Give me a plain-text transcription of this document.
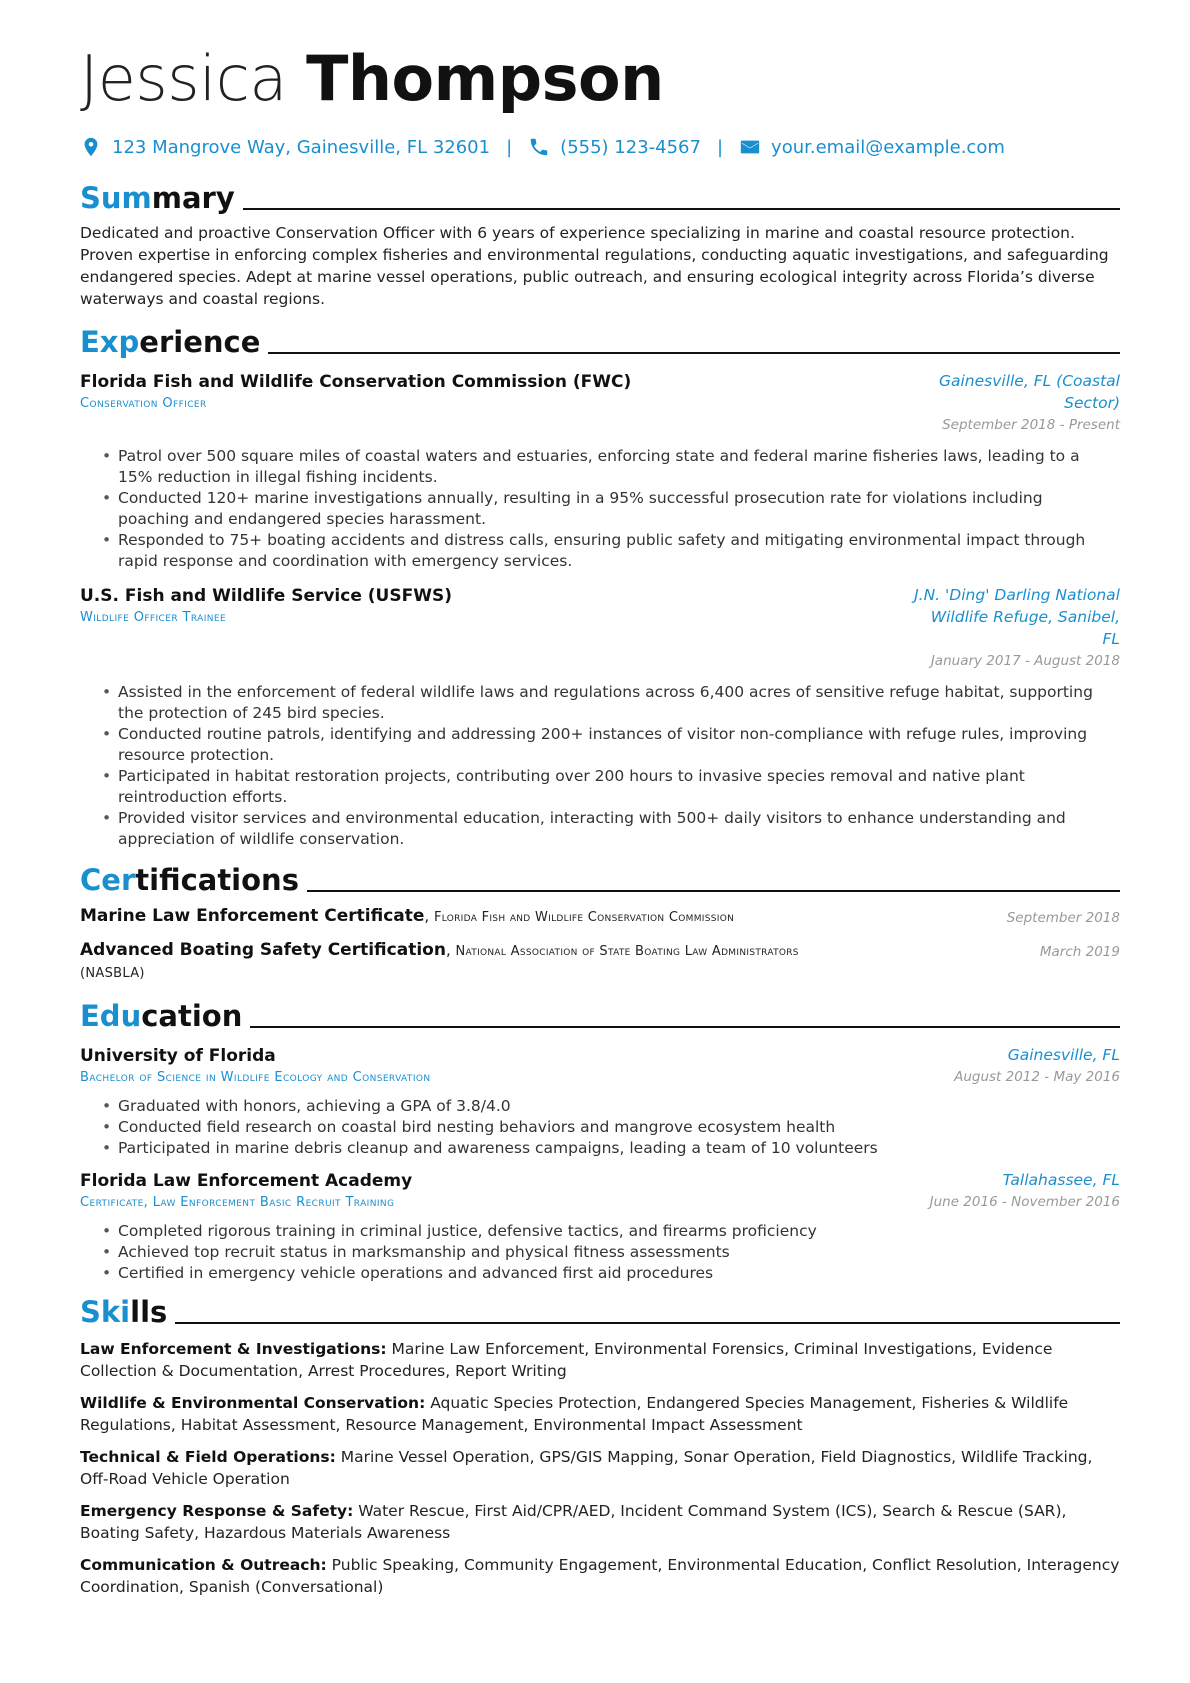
Jessica Thompson
123 Mangrove Way, Gainesville, FL 32601 |	(555) 123-4567 |	your.email@example.com
Summary
Dedicated and proactive Conservation Officer with 6 years of experience specializing in marine and coastal resource protection. Proven expertise in enforcing complex fisheries and environmental regulations, conducting aquatic investigations, and safeguarding endangered species. Adept at marine vessel operations, public outreach, and ensuring ecological integrity across Florida’s diverse waterways and coastal regions.
Experience
Florida Fish and Wildlife Conservation Commission (FWC)
Conservation Officer
Gainesville, FL (Coastal Sector)
September 2018 - Present
• Patrol over 500 square miles of coastal waters and estuaries, enforcing state and federal marine fisheries laws, leading to a 15% reduction in illegal fishing incidents.
• Conducted 120+ marine investigations annually, resulting in a 95% successful prosecution rate for violations including poaching and endangered species harassment.
• Responded to 75+ boating accidents and distress calls, ensuring public safety and mitigating environmental impact through rapid response and coordination with emergency services.
U.S. Fish and Wildlife Service (USFWS)
Wildlife Officer Trainee
J.N. 'Ding' Darling National Wildlife Refuge, Sanibel, FL
January 2017 - August 2018
• Assisted in the enforcement of federal wildlife laws and regulations across 6,400 acres of sensitive refuge habitat, supporting the protection of 245 bird species.
• Conducted routine patrols, identifying and addressing 200+ instances of visitor non-compliance with refuge rules, improving resource protection.
• Participated in habitat restoration projects, contributing over 200 hours to invasive species removal and native plant reintroduction efforts.
• Provided visitor services and environmental education, interacting with 500+ daily visitors to enhance understanding and appreciation of wildlife conservation.
Certifications
Marine Law Enforcement Certificate, Florida Fish and Wildlife Conservation Commission	September 2018
Advanced Boating Safety Certification, National Association of State Boating Law Administrators (NASBLA)
March 2019
Education
University of Florida
Bachelor of Science in Wildlife Ecology and Conservation
Gainesville, FL
August 2012 - May 2016
• Graduated with honors, achieving a GPA of 3.8/4.0
• Conducted field research on coastal bird nesting behaviors and mangrove ecosystem health
• Participated in marine debris cleanup and awareness campaigns, leading a team of 10 volunteers
Florida Law Enforcement Academy
Certificate, Law Enforcement Basic Recruit Training
Tallahassee, FL
June 2016 - November 2016
• Completed rigorous training in criminal justice, defensive tactics, and firearms proficiency
• Achieved top recruit status in marksmanship and physical fitness assessments
• Certified in emergency vehicle operations and advanced first aid procedures
Skills
Law Enforcement & Investigations: Marine Law Enforcement, Environmental Forensics, Criminal Investigations, Evidence Collection & Documentation, Arrest Procedures, Report Writing
Wildlife & Environmental Conservation: Aquatic Species Protection, Endangered Species Management, Fisheries & Wildlife Regulations, Habitat Assessment, Resource Management, Environmental Impact Assessment
Technical & Field Operations: Marine Vessel Operation, GPS/GIS Mapping, Sonar Operation, Field Diagnostics, Wildlife Tracking, Off-Road Vehicle Operation
Emergency Response & Safety: Water Rescue, First Aid/CPR/AED, Incident Command System (ICS), Search & Rescue (SAR), Boating Safety, Hazardous Materials Awareness
Communication & Outreach: Public Speaking, Community Engagement, Environmental Education, Conflict Resolution, Interagency Coordination, Spanish (Conversational)
